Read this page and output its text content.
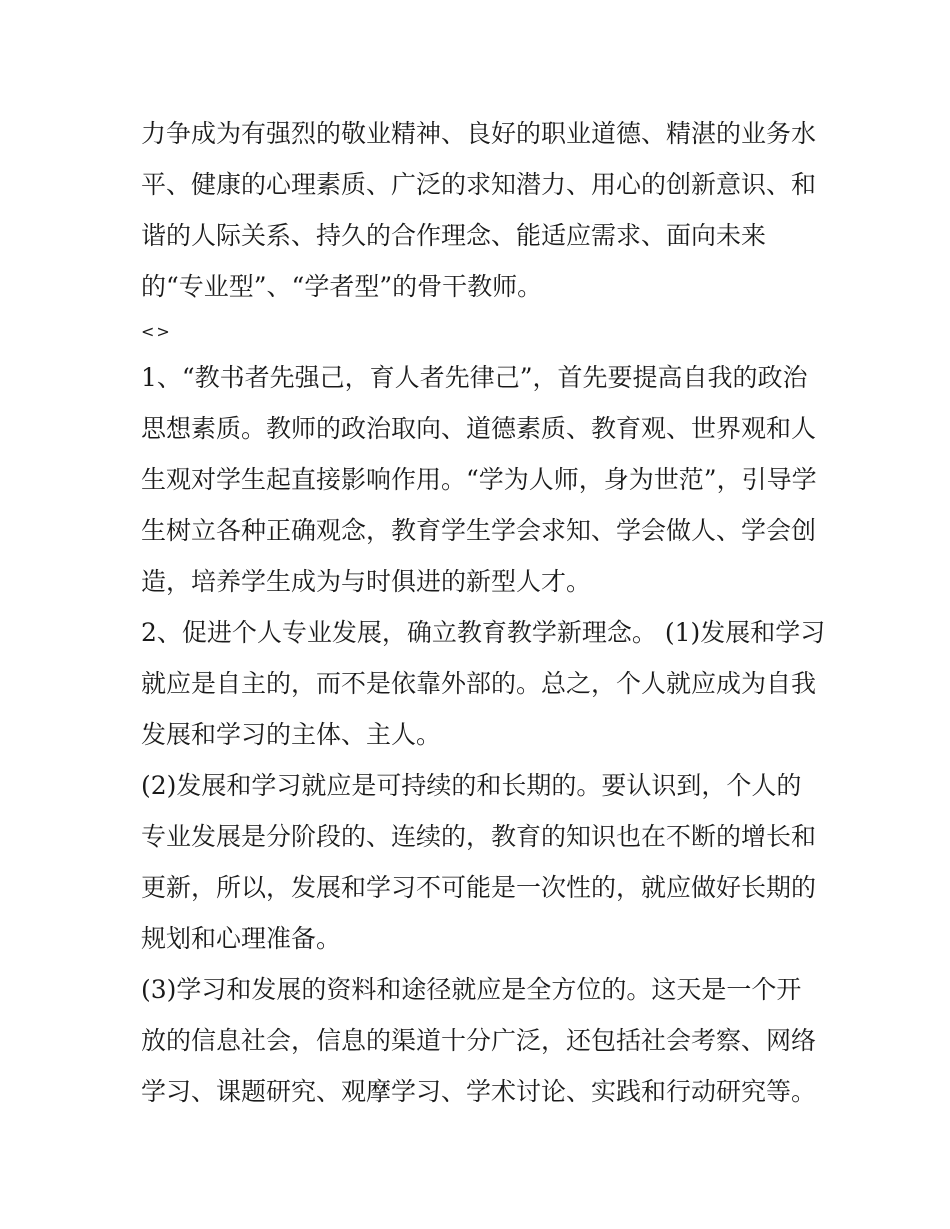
力争成为有强烈的敬业精神、良好的职业道德、精湛的业务水
平、健康的心理素质、广泛的求知潜力、用心的创新意识、和
谐的人际关系、持久的合作理念、能适应需求、面向未来
的“专业型”、“学者型”的骨干教师。
<>
1、“教书者先强己，育人者先律己”，首先要提高自我的政治
思想素质。教师的政治取向、道德素质、教育观、世界观和人
生观对学生起直接影响作用。“学为人师，身为世范”，引导学
生树立各种正确观念，教育学生学会求知、学会做人、学会创
造，培养学生成为与时俱进的新型人才。
2、促进个人专业发展，确立教育教学新理念。 (1)发展和学习
就应是自主的，而不是依靠外部的。总之，个人就应成为自我
发展和学习的主体、主人。
(2)发展和学习就应是可持续的和长期的。要认识到，个人的
专业发展是分阶段的、连续的，教育的知识也在不断的增长和
更新，所以，发展和学习不可能是一次性的，就应做好长期的
规划和心理准备。
(3)学习和发展的资料和途径就应是全方位的。这天是一个开
放的信息社会，信息的渠道十分广泛，还包括社会考察、网络
学习、课题研究、观摩学习、学术讨论、实践和行动研究等。
